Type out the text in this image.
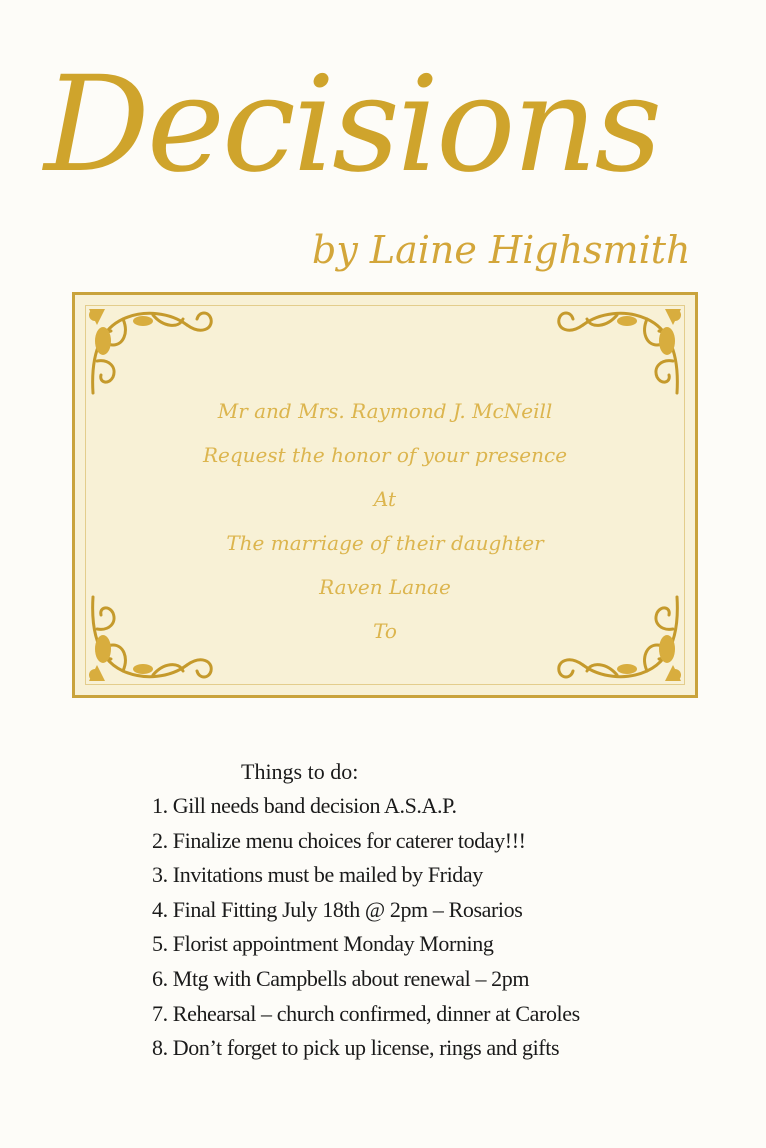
Decisions
by Laine Highsmith
Mr and Mrs. Raymond J. McNeill
Request the honor of your presence
At
The marriage of their daughter
Raven Lanae
To
Things to do:
1. Gill needs band decision A.S.A.P.
2. Finalize menu choices for caterer today!!!
3. Invitations must be mailed by Friday
4. Final Fitting July 18th @ 2pm – Rosarios
5. Florist appointment Monday Morning
6. Mtg with Campbells about renewal – 2pm
7. Rehearsal – church confirmed, dinner at Caroles
8. Don’t forget to pick up license, rings and gifts
